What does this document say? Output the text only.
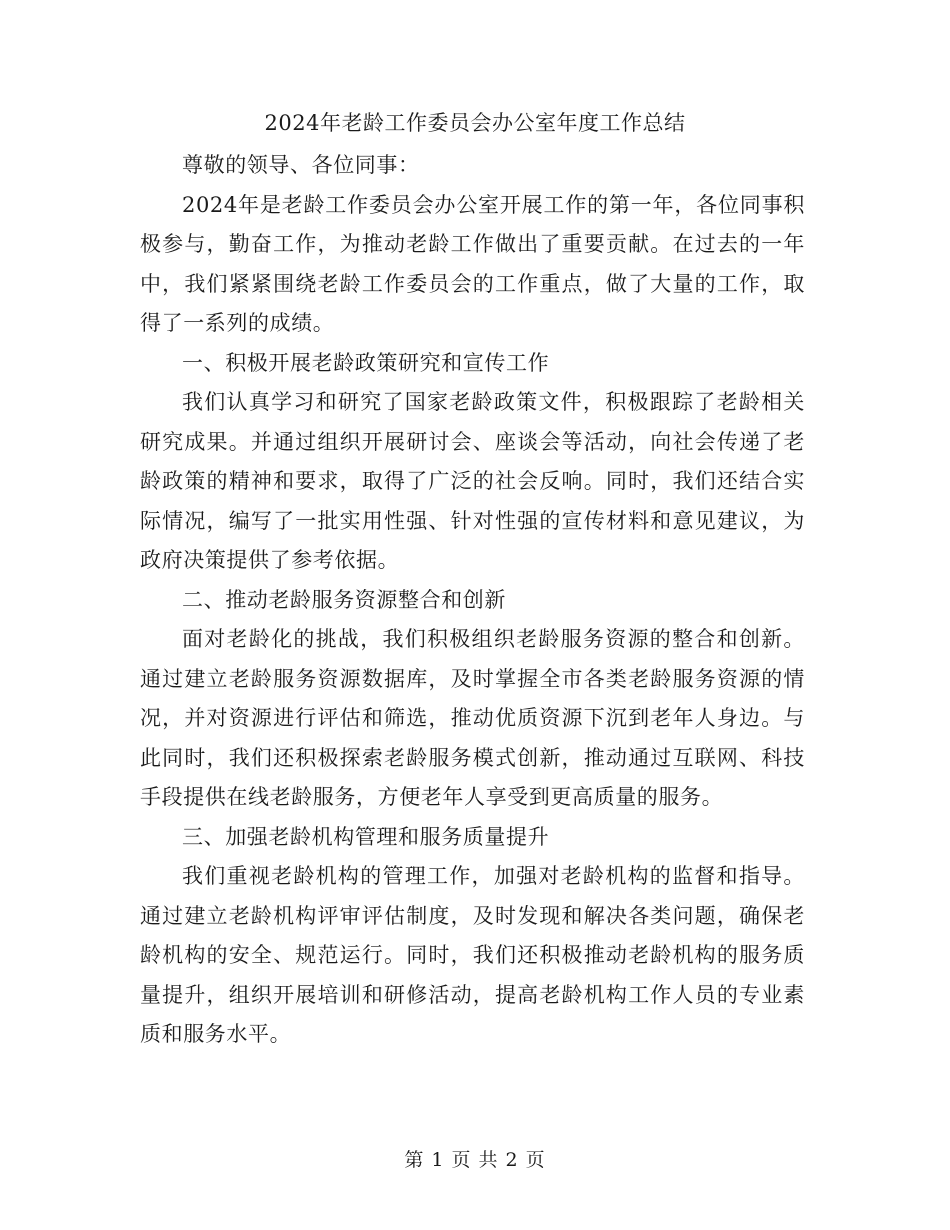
2024年老龄工作委员会办公室年度工作总结

尊敬的领导、各位同事：

2024年是老龄工作委员会办公室开展工作的第一年，各位同事积极参与，勤奋工作，为推动老龄工作做出了重要贡献。在过去的一年中，我们紧紧围绕老龄工作委员会的工作重点，做了大量的工作，取得了一系列的成绩。

一、积极开展老龄政策研究和宣传工作

我们认真学习和研究了国家老龄政策文件，积极跟踪了老龄相关研究成果。并通过组织开展研讨会、座谈会等活动，向社会传递了老龄政策的精神和要求，取得了广泛的社会反响。同时，我们还结合实际情况，编写了一批实用性强、针对性强的宣传材料和意见建议，为政府决策提供了参考依据。

二、推动老龄服务资源整合和创新

面对老龄化的挑战，我们积极组织老龄服务资源的整合和创新。通过建立老龄服务资源数据库，及时掌握全市各类老龄服务资源的情况，并对资源进行评估和筛选，推动优质资源下沉到老年人身边。与此同时，我们还积极探索老龄服务模式创新，推动通过互联网、科技手段提供在线老龄服务，方便老年人享受到更高质量的服务。

三、加强老龄机构管理和服务质量提升

我们重视老龄机构的管理工作，加强对老龄机构的监督和指导。通过建立老龄机构评审评估制度，及时发现和解决各类问题，确保老龄机构的安全、规范运行。同时，我们还积极推动老龄机构的服务质量提升，组织开展培训和研修活动，提高老龄机构工作人员的专业素质和服务水平。

第 1 页 共 2 页
